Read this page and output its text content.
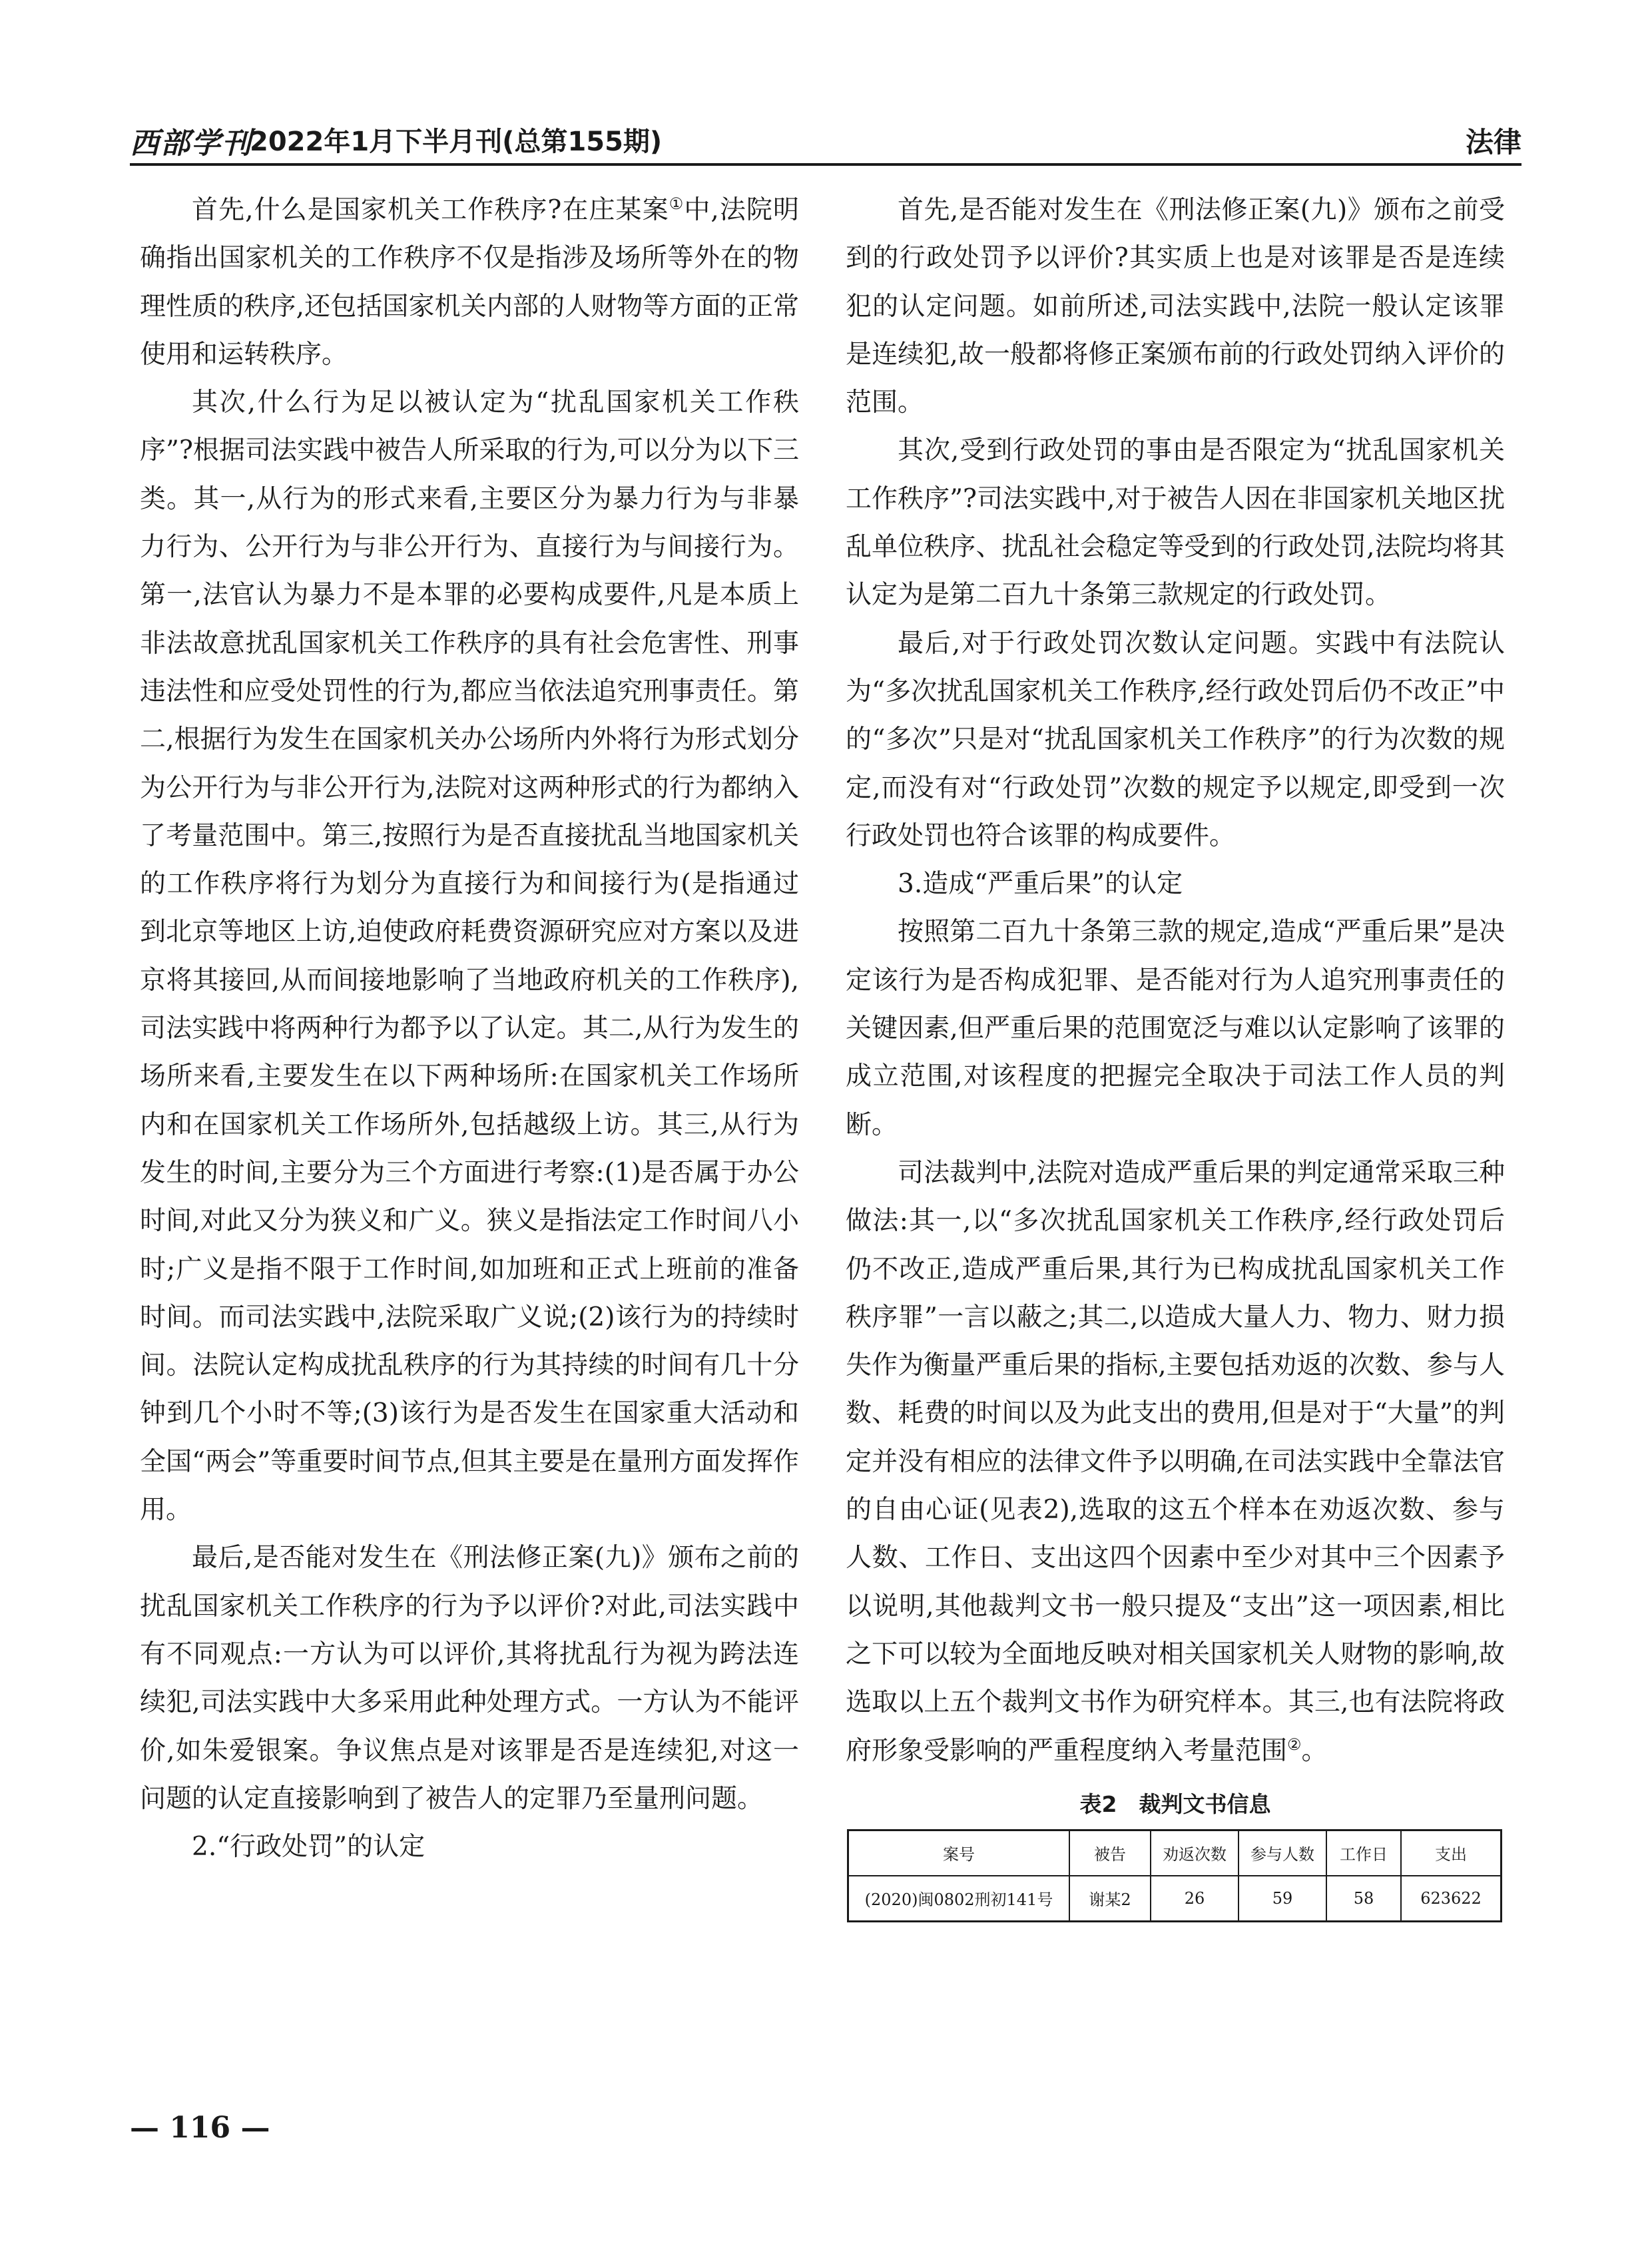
西部学刊
2022年1月下半月刊(总第155期)	法律

首先,什么是国家机关工作秩序?在庄某案①中,法院明确指出国家机关的工作秩序不仅是指涉及场所等外在的物理性质的秩序,还包括国家机关内部的人财物等方面的正常使用和运转秩序。

其次,什么行为足以被认定为“扰乱国家机关工作秩序”?根据司法实践中被告人所采取的行为,可以分为以下三类。其一,从行为的形式来看,主要区分为暴力行为与非暴力行为、公开行为与非公开行为、直接行为与间接行为。第一,法官认为暴力不是本罪的必要构成要件,凡是本质上非法故意扰乱国家机关工作秩序的具有社会危害性、刑事违法性和应受处罚性的行为,都应当依法追究刑事责任。第二,根据行为发生在国家机关办公场所内外将行为形式划分为公开行为与非公开行为,法院对这两种形式的行为都纳入了考量范围中。第三,按照行为是否直接扰乱当地国家机关的工作秩序将行为划分为直接行为和间接行为(是指通过到北京等地区上访,迫使政府耗费资源研究应对方案以及进京将其接回,从而间接地影响了当地政府机关的工作秩序),司法实践中将两种行为都予以了认定。其二,从行为发生的场所来看,主要发生在以下两种场所:在国家机关工作场所内和在国家机关工作场所外,包括越级上访。其三,从行为发生的时间,主要分为三个方面进行考察:(1)是否属于办公时间,对此又分为狭义和广义。狭义是指法定工作时间八小时;广义是指不限于工作时间,如加班和正式上班前的准备时间。而司法实践中,法院采取广义说;(2)该行为的持续时间。法院认定构成扰乱秩序的行为其持续的时间有几十分钟到几个小时不等;(3)该行为是否发生在国家重大活动和全国“两会”等重要时间节点,但其主要是在量刑方面发挥作用。

最后,是否能对发生在《刑法修正案(九)》颁布之前的扰乱国家机关工作秩序的行为予以评价?对此,司法实践中有不同观点:一方认为可以评价,其将扰乱行为视为跨法连续犯,司法实践中大多采用此种处理方式。一方认为不能评价,如朱爱银案。争议焦点是对该罪是否是连续犯,对这一问题的认定直接影响到了被告人的定罪乃至量刑问题。

2.“行政处罚”的认定

首先,是否能对发生在《刑法修正案(九)》颁布之前受到的行政处罚予以评价?其实质上也是对该罪是否是连续犯的认定问题。如前所述,司法实践中,法院一般认定该罪是连续犯,故一般都将修正案颁布前的行政处罚纳入评价的范围。

其次,受到行政处罚的事由是否限定为“扰乱国家机关工作秩序”?司法实践中,对于被告人因在非国家机关地区扰乱单位秩序、扰乱社会稳定等受到的行政处罚,法院均将其认定为是第二百九十条第三款规定的行政处罚。

最后,对于行政处罚次数认定问题。实践中有法院认为“多次扰乱国家机关工作秩序,经行政处罚后仍不改正”中的“多次”只是对“扰乱国家机关工作秩序”的行为次数的规定,而没有对“行政处罚”次数的规定予以规定,即受到一次行政处罚也符合该罪的构成要件。

3.造成“严重后果”的认定

按照第二百九十条第三款的规定,造成“严重后果”是决定该行为是否构成犯罪、是否能对行为人追究刑事责任的关键因素,但严重后果的范围宽泛与难以认定影响了该罪的成立范围,对该程度的把握完全取决于司法工作人员的判断。

司法裁判中,法院对造成严重后果的判定通常采取三种做法:其一,以“多次扰乱国家机关工作秩序,经行政处罚后仍不改正,造成严重后果,其行为已构成扰乱国家机关工作秩序罪”一言以蔽之;其二,以造成大量人力、物力、财力损失作为衡量严重后果的指标,主要包括劝返的次数、参与人数、耗费的时间以及为此支出的费用,但是对于“大量”的判定并没有相应的法律文件予以明确,在司法实践中全靠法官的自由心证(见表2),选取的这五个样本在劝返次数、参与人数、工作日、支出这四个因素中至少对其中三个因素予以说明,其他裁判文书一般只提及“支出”这一项因素,相比之下可以较为全面地反映对相关国家机关人财物的影响,故选取以上五个裁判文书作为研究样本。其三,也有法院将政府形象受影响的严重程度纳入考量范围②。

表2　裁判文书信息
案号	被告	劝返次数	参与人数	工作日	支出
(2020)闽0802刑初141号	谢某2	26	59	58	623622
— 116 —
